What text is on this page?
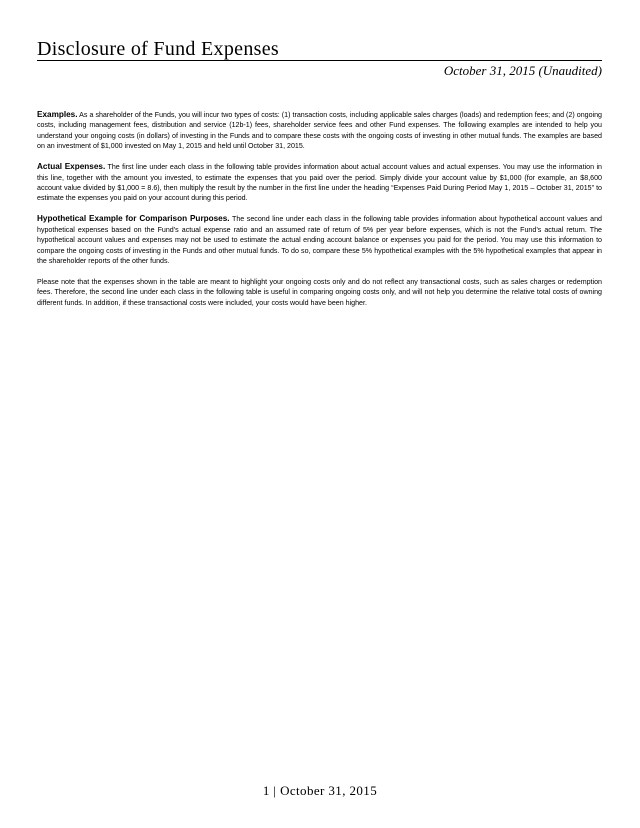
Disclosure of Fund Expenses
October 31, 2015 (Unaudited)

Examples. As a shareholder of the Funds, you will incur two types of costs: (1) transaction costs, including applicable sales charges (loads) and redemption fees; and (2) ongoing costs, including management fees, distribution and service (12b-1) fees, shareholder service fees and other Fund expenses. The following examples are intended to help you understand your ongoing costs (in dollars) of investing in the Funds and to compare these costs with the ongoing costs of investing in other mutual funds. The examples are based on an investment of $1,000 invested on May 1, 2015 and held until October 31, 2015.

Actual Expenses. The first line under each class in the following table provides information about actual account values and actual expenses. You may use the information in this line, together with the amount you invested, to estimate the expenses that you paid over the period. Simply divide your account value by $1,000 (for example, an $8,600 account value divided by $1,000 = 8.6), then multiply the result by the number in the first line under the heading “Expenses Paid During Period May 1, 2015 – October 31, 2015” to estimate the expenses you paid on your account during this period.

Hypothetical Example for Comparison Purposes. The second line under each class in the following table provides information about hypothetical account values and hypothetical expenses based on the Fund’s actual expense ratio and an assumed rate of return of 5% per year before expenses, which is not the Fund’s actual return. The hypothetical account values and expenses may not be used to estimate the actual ending account balance or expenses you paid for the period. You may use this information to compare the ongoing costs of investing in the Funds and other mutual funds. To do so, compare these 5% hypothetical examples with the 5% hypothetical examples that appear in the shareholder reports of the other funds.

Please note that the expenses shown in the table are meant to highlight your ongoing costs only and do not reflect any transactional costs, such as sales charges or redemption fees. Therefore, the second line under each class in the following table is useful in comparing ongoing costs only, and will not help you determine the relative total costs of owning different funds. In addition, if these transactional costs were included, your costs would have been higher.

1 | October 31, 2015
